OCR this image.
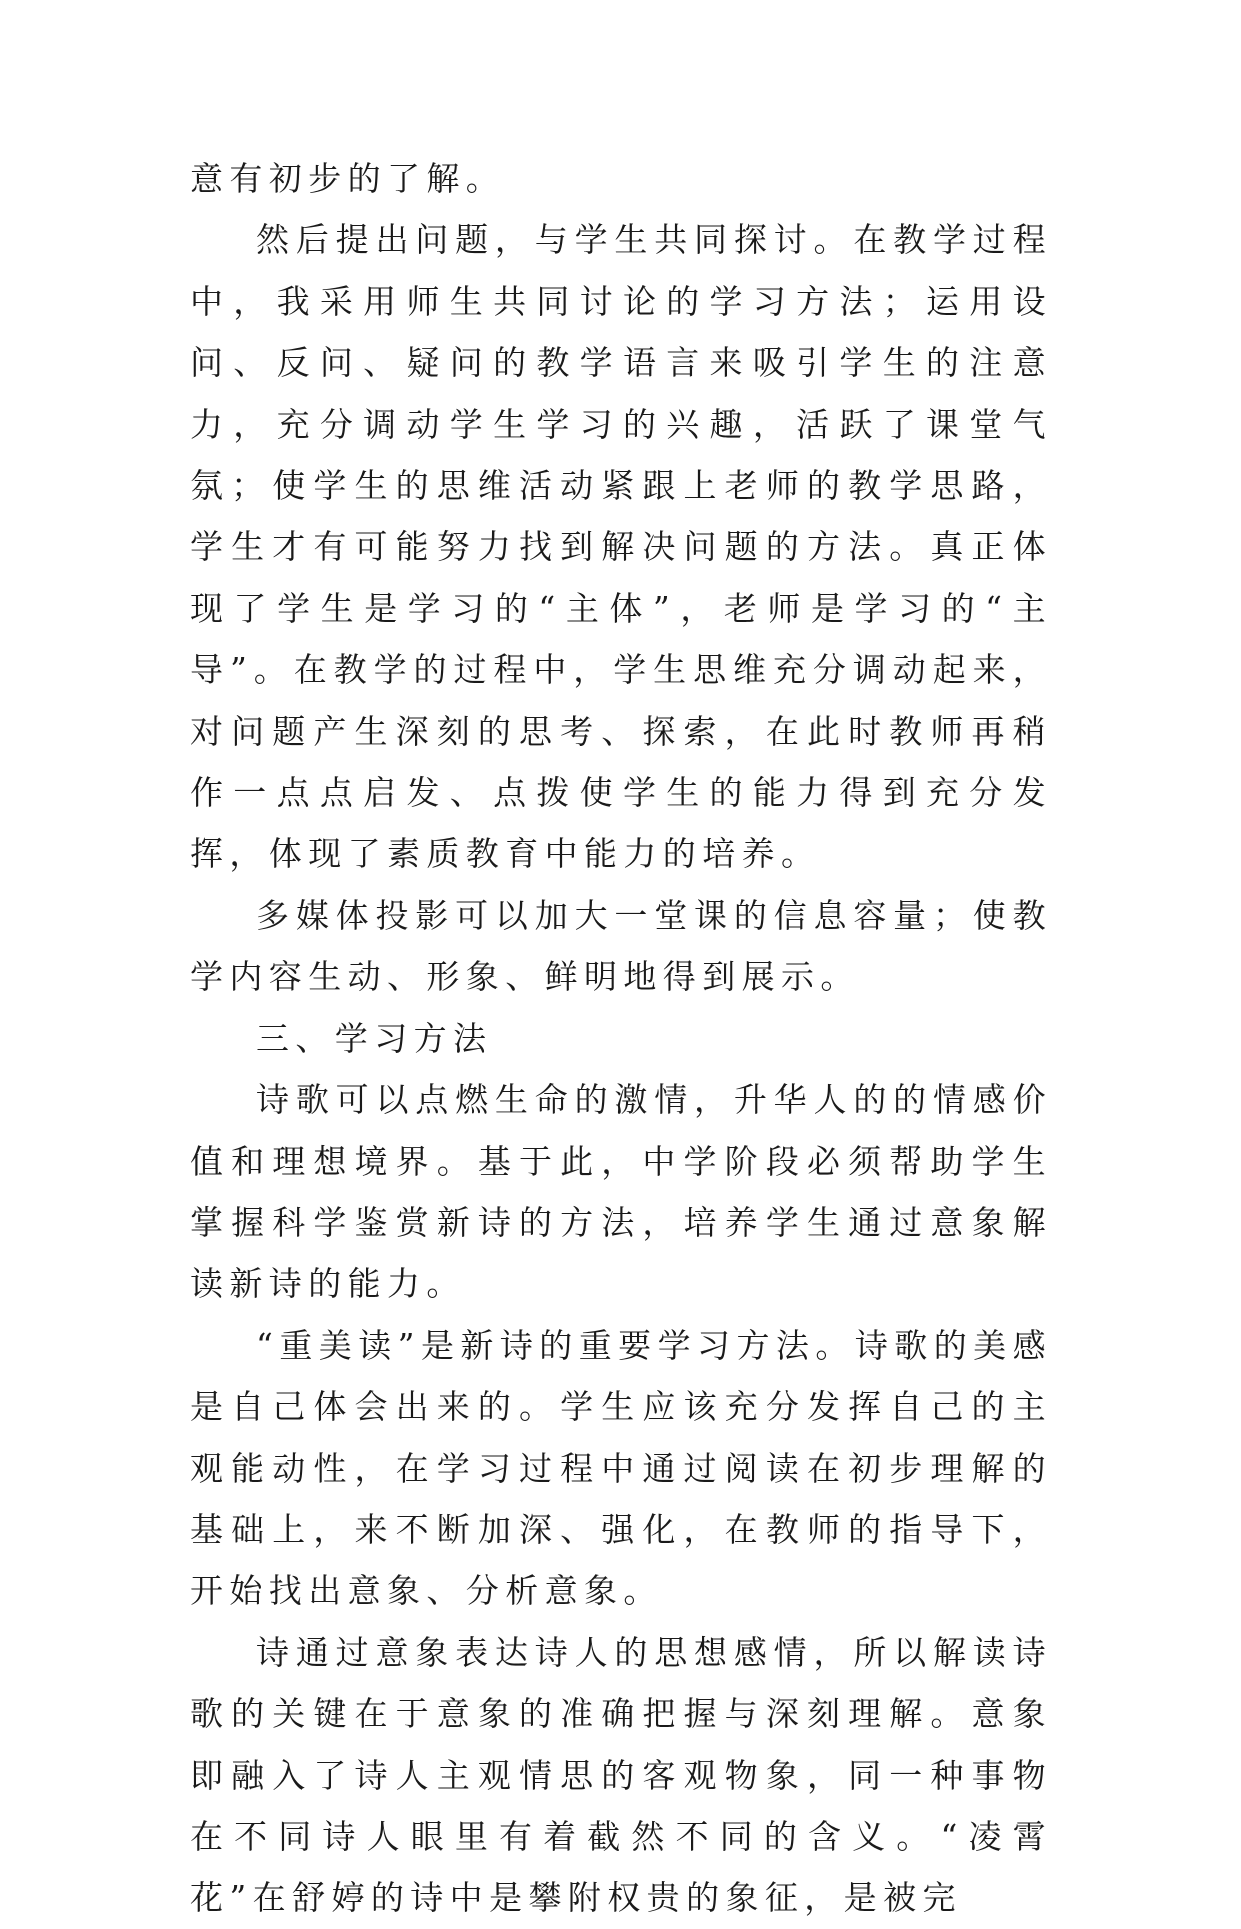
意有初步的了解。

然后提出问题，与学生共同探讨。在教学过程中，我采用师生共同讨论的学习方法；运用设问、反问、疑问的教学语言来吸引学生的注意力，充分调动学生学习的兴趣，活跃了课堂气氛；使学生的思维活动紧跟上老师的教学思路，学生才有可能努力找到解决问题的方法。真正体现了学生是学习的“主体”，老师是学习的“主导”。在教学的过程中，学生思维充分调动起来，对问题产生深刻的思考、探索，在此时教师再稍作一点点启发、点拨使学生的能力得到充分发挥，体现了素质教育中能力的培养。

多媒体投影可以加大一堂课的信息容量；使教学内容生动、形象、鲜明地得到展示。

三、学习方法

诗歌可以点燃生命的激情，升华人的的情感价值和理想境界。基于此，中学阶段必须帮助学生掌握科学鉴赏新诗的方法，培养学生通过意象解读新诗的能力。

“重美读”是新诗的重要学习方法。诗歌的美感是自己体会出来的。学生应该充分发挥自己的主观能动性，在学习过程中通过阅读在初步理解的基础上，来不断加深、强化，在教师的指导下，开始找出意象、分析意象。

诗通过意象表达诗人的思想感情，所以解读诗歌的关键在于意象的准确把握与深刻理解。意象即融入了诗人主观情思的客观物象，同一种事物在不同诗人眼里有着截然不同的含义。“凌霄花”在舒婷的诗中是攀附权贵的象征，是被完
